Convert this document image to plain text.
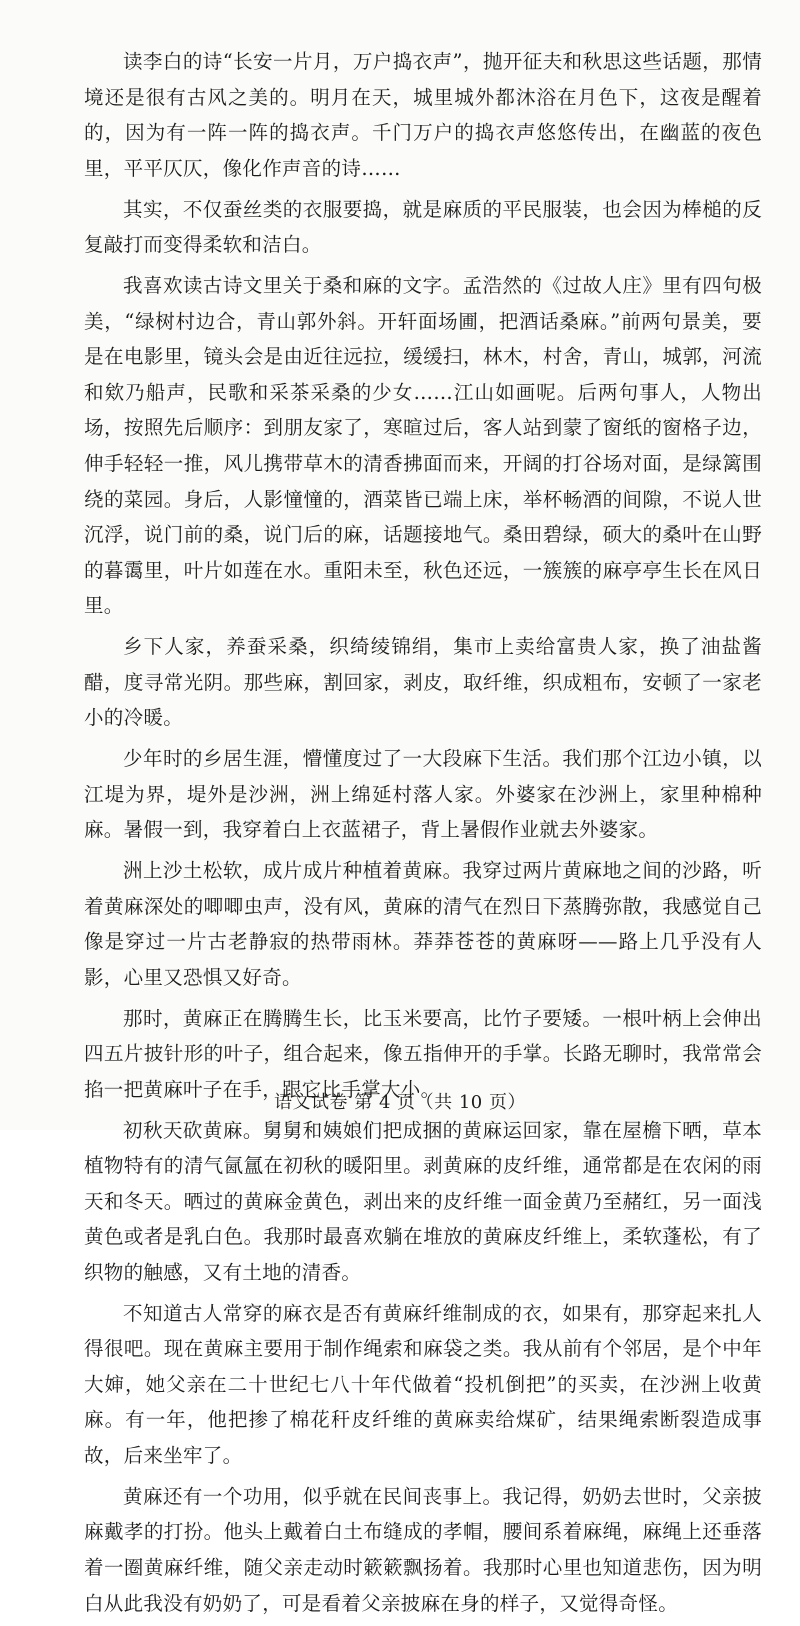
读李白的诗“长安一片月，万户捣衣声”，抛开征夫和秋思这些话题，那情境还是很有古风之美的。明月在天，城里城外都沐浴在月色下，这夜是醒着的，因为有一阵一阵的捣衣声。千门万户的捣衣声悠悠传出，在幽蓝的夜色里，平平仄仄，像化作声音的诗……

其实，不仅蚕丝类的衣服要捣，就是麻质的平民服装，也会因为棒槌的反复敲打而变得柔软和洁白。

我喜欢读古诗文里关于桑和麻的文字。孟浩然的《过故人庄》里有四句极美，“绿树村边合，青山郭外斜。开轩面场圃，把酒话桑麻。”前两句景美，要是在电影里，镜头会是由近往远拉，缓缓扫，林木，村舍，青山，城郭，河流和欸乃船声，民歌和采茶采桑的少女……江山如画呢。后两句事人，人物出场，按照先后顺序：到朋友家了，寒暄过后，客人站到蒙了窗纸的窗格子边，伸手轻轻一推，风儿携带草木的清香拂面而来，开阔的打谷场对面，是绿篱围绕的菜园。身后，人影憧憧的，酒菜皆已端上床，举杯畅酒的间隙，不说人世沉浮，说门前的桑，说门后的麻，话题接地气。桑田碧绿，硕大的桑叶在山野的暮霭里，叶片如莲在水。重阳未至，秋色还远，一簇簇的麻亭亭生长在风日里。

乡下人家，养蚕采桑，织绮绫锦绢，集市上卖给富贵人家，换了油盐酱醋，度寻常光阴。那些麻，割回家，剥皮，取纤维，织成粗布，安顿了一家老小的冷暖。

少年时的乡居生涯，懵懂度过了一大段麻下生活。我们那个江边小镇，以江堤为界，堤外是沙洲，洲上绵延村落人家。外婆家在沙洲上，家里种棉种麻。暑假一到，我穿着白上衣蓝裙子，背上暑假作业就去外婆家。

洲上沙土松软，成片成片种植着黄麻。我穿过两片黄麻地之间的沙路，听着黄麻深处的唧唧虫声，没有风，黄麻的清气在烈日下蒸腾弥散，我感觉自己像是穿过一片古老静寂的热带雨林。莽莽苍苍的黄麻呀——路上几乎没有人影，心里又恐惧又好奇。

那时，黄麻正在腾腾生长，比玉米要高，比竹子要矮。一根叶柄上会伸出四五片披针形的叶子，组合起来，像五指伸开的手掌。长路无聊时，我常常会掐一把黄麻叶子在手，跟它比手掌大小。

初秋天砍黄麻。舅舅和姨娘们把成捆的黄麻运回家，靠在屋檐下晒，草本植物特有的清气氤氲在初秋的暖阳里。剥黄麻的皮纤维，通常都是在农闲的雨天和冬天。晒过的黄麻金黄色，剥出来的皮纤维一面金黄乃至赭红，另一面浅黄色或者是乳白色。我那时最喜欢躺在堆放的黄麻皮纤维上，柔软蓬松，有了织物的触感，又有土地的清香。

不知道古人常穿的麻衣是否有黄麻纤维制成的衣，如果有，那穿起来扎人得很吧。现在黄麻主要用于制作绳索和麻袋之类。我从前有个邻居，是个中年大婶，她父亲在二十世纪七八十年代做着“投机倒把”的买卖，在沙洲上收黄麻。有一年，他把掺了棉花秆皮纤维的黄麻卖给煤矿，结果绳索断裂造成事故，后来坐牢了。

黄麻还有一个功用，似乎就在民间丧事上。我记得，奶奶去世时，父亲披麻戴孝的打扮。他头上戴着白土布缝成的孝帽，腰间系着麻绳，麻绳上还垂落着一圈黄麻纤维，随父亲走动时簌簌飘扬着。我那时心里也知道悲伤，因为明白从此我没有奶奶了，可是看着父亲披麻在身的样子，又觉得奇怪。

语文试卷 第 4 页（共 10 页）
